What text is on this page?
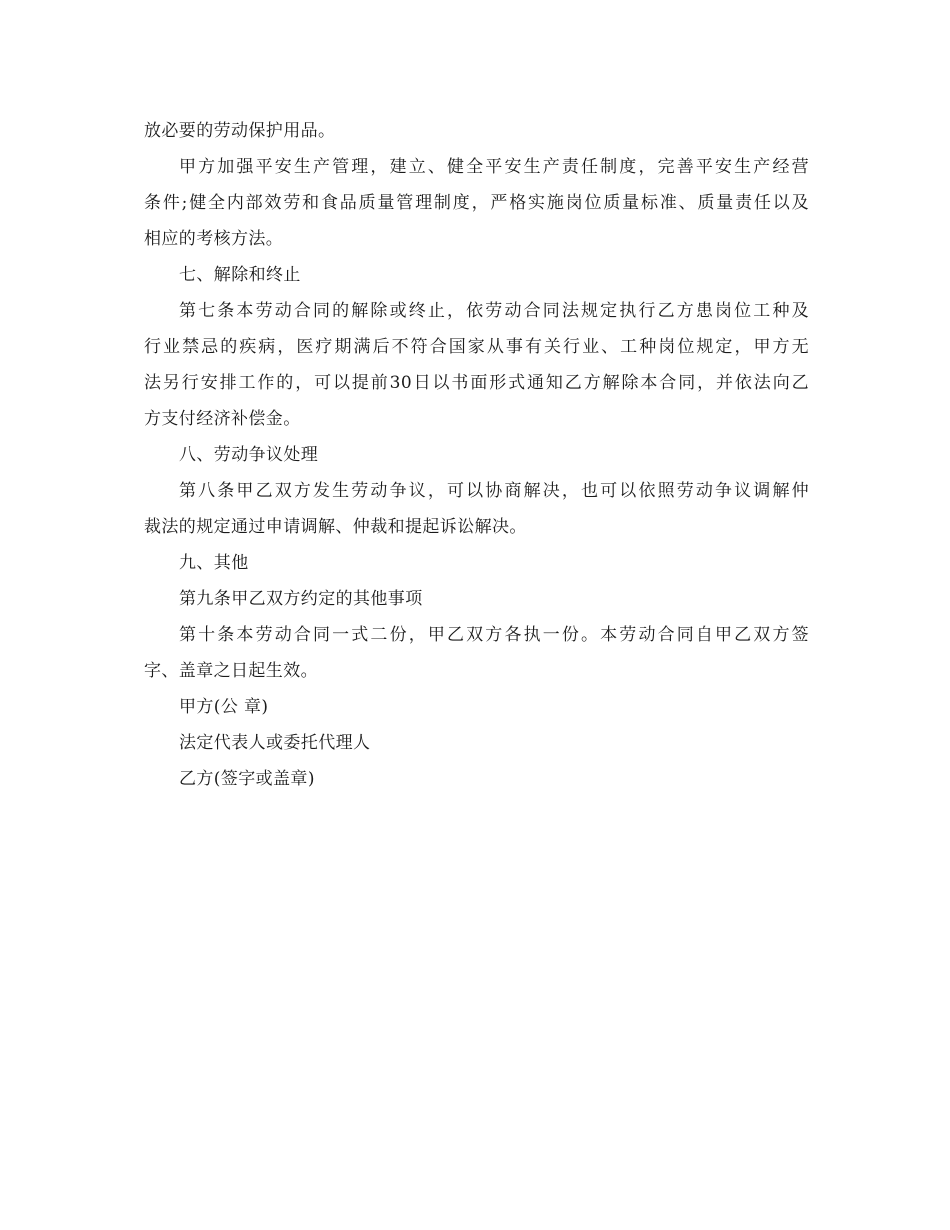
放必要的劳动保护用品。

甲方加强平安生产管理，建立、健全平安生产责任制度，完善平安生产经营
条件;健全内部效劳和食品质量管理制度，严格实施岗位质量标准、质量责任以及
相应的考核方法。

七、解除和终止

第七条本劳动合同的解除或终止，依劳动合同法规定执行乙方患岗位工种及
行业禁忌的疾病，医疗期满后不符合国家从事有关行业、工种岗位规定，甲方无
法另行安排工作的，可以提前30日以书面形式通知乙方解除本合同，并依法向乙
方支付经济补偿金。

八、劳动争议处理

第八条甲乙双方发生劳动争议，可以协商解决，也可以依照劳动争议调解仲
裁法的规定通过申请调解、仲裁和提起诉讼解决。

九、其他

第九条甲乙双方约定的其他事项

第十条本劳动合同一式二份，甲乙双方各执一份。本劳动合同自甲乙双方签
字、盖章之日起生效。

甲方(公 章)

法定代表人或委托代理人

乙方(签字或盖章)
